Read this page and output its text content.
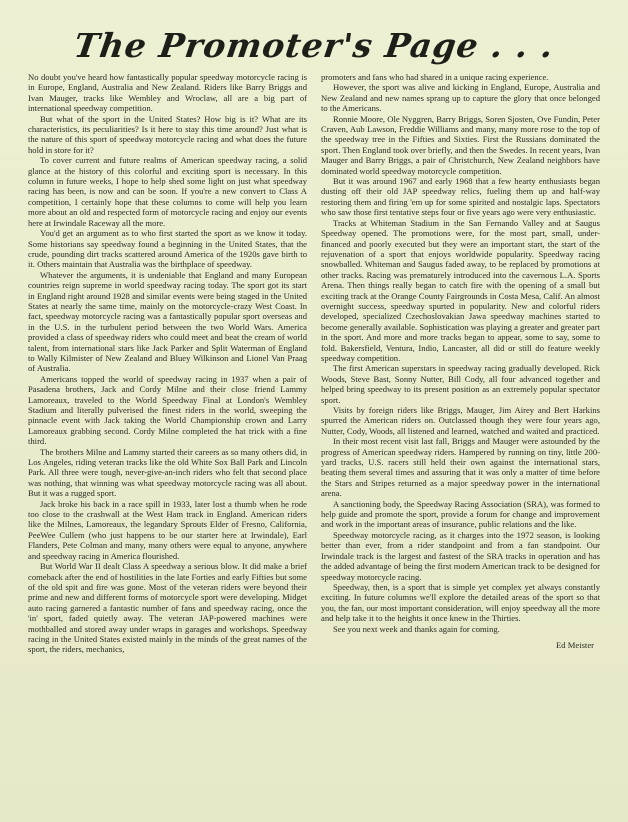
The Promoter's Page . . .

No doubt you've heard how fantastically popular speedway motorcycle racing is in Europe, England, Australia and New Zealand. Riders like Barry Briggs and Ivan Mauger, tracks like Wembley and Wroclaw, all are a big part of international speedway competition.

But what of the sport in the United States? How big is it? What are its characteristics, its peculiarities? Is it here to stay this time around? Just what is the nature of this sport of speedway motorcycle racing and what does the future hold in store for it?

To cover current and future realms of American speedway racing, a solid glance at the history of this colorful and exciting sport is necessary. In this column in future weeks, I hope to help shed some light on just what speedway racing has been, is now and can be soon. If you're a new convert to Class A competition, I certainly hope that these columns to come will help you learn more about an old and respected form of motorcycle racing and enjoy our events here at Irwindale Raceway all the more.

You'd get an argument as to who first started the sport as we know it today. Some historians say speedway found a beginning in the United States, that the crude, pounding dirt tracks scattered around America of the 1920s gave birth to it. Others maintain that Australia was the birthplace of speedway.

Whatever the arguments, it is undeniable that England and many European countries reign supreme in world speedway racing today. The sport got its start in England right around 1928 and similar events were being staged in the United States at nearly the same time, mainly on the motorcycle-crazy West Coast. In fact, speedway motorcycle racing was a fantastically popular sport overseas and in the U.S. in the turbulent period between the two World Wars. America provided a class of speedway riders who could meet and beat the cream of world talent, from international stars like Jack Parker and Split Waterman of England to Wally Kilmister of New Zealand and Bluey Wilkinson and Lionel Van Praag of Australia.

Americans topped the world of speedway racing in 1937 when a pair of Pasadena brothers, Jack and Cordy Milne and their close friend Lammy Lamoreaux, traveled to the World Speedway Final at London's Wembley Stadium and literally pulverised the finest riders in the world, sweeping the pinnacle event with Jack taking the World Championship crown and Larry Lamoreaux grabbing second. Cordy Milne completed the hat trick with a fine third.

The brothers Milne and Lammy started their careers as so many others did, in Los Angeles, riding veteran tracks like the old White Sox Ball Park and Lincoln Park. All three were tough, never-give-an-inch riders who felt that second place was nothing, that winning was what speedway motorcycle racing was all about. But it was a rugged sport.

Jack broke his back in a race spill in 1933, later lost a thumb when he rode too close to the crashwall at the West Ham track in England. American riders like the Milnes, Lamoreaux, the legandary Sprouts Elder of Fresno, California, PeeWee Cullem (who just happens to be our starter here at Irwindale), Earl Flanders, Pete Colman and many, many others were equal to anyone, anywhere and speedway racing in America flourished.

But World War II dealt Class A speedway a serious blow. It did make a brief comeback after the end of hostilities in the late Forties and early Fifties but some of the old spit and fire was gone. Most of the veteran riders were beyond their prime and new and different forms of motorcycle sport were developing. Midget auto racing garnered a fantastic number of fans and speedway racing, once the 'in' sport, faded quietly away. The veteran JAP-powered machines were mothballed and stored away under wraps in garages and workshops. Speedway racing in the United States existed mainly in the minds of the great names of the sport, the riders, mechanics,

promoters and fans who had shared in a unique racing experience.

However, the sport was alive and kicking in England, Europe, Australia and New Zealand and new names sprang up to capture the glory that once belonged to the Americans.

Ronnie Moore, Ole Nyggren, Barry Briggs, Soren Sjosten, Ove Fundin, Peter Craven, Aub Lawson, Freddie Williams and many, many more rose to the top of the speedway tree in the Fifties and Sixties. First the Russians dominated the sport. Then England took over briefly, and then the Swedes. In recent years, Ivan Mauger and Barry Briggs, a pair of Christchurch, New Zealand neighbors have dominated world speedway motorcycle competition.

But it was around 1967 and early 1968 that a few hearty enthusiasts began dusting off their old JAP speedway relics, fueling them up and half-way restoring them and firing 'em up for some spirited and nostalgic laps. Spectators who saw those first tentative steps four or five years ago were very enthusiastic.

Tracks at Whiteman Stadium in the San Fernando Valley and at Saugus Speedway opened. The promotions were, for the most part, small, under-financed and poorly executed but they were an important start, the start of the rejuvenation of a sport that enjoys worldwide popularity. Speedway racing snowballed. Whiteman and Saugus faded away, to be replaced by promotions at other tracks. Racing was prematurely introduced into the cavernous L.A. Sports Arena. Then things really began to catch fire with the opening of a small but exciting track at the Orange County Fairgrounds in Costa Mesa, Calif. An almost overnight success, speedway spurted in popularity. New and colorful riders developed, specialized Czechoslovakian Jawa speedway machines started to become generally available. Sophistication was playing a greater and greater part in the sport. And more and more tracks began to appear, some to say, some to fold. Bakersfield, Ventura, Indio, Lancaster, all did or still do feature weekly speedway competition.

The first American superstars in speedway racing gradually developed. Rick Woods, Steve Bast, Sonny Nutter, Bill Cody, all four advanced together and helped bring speedway to its present position as an extremely popular spectator sport.

Visits by foreign riders like Briggs, Mauger, Jim Airey and Bert Harkins spurred the American riders on. Outclassed though they were four years ago, Nutter, Cody, Woods, all listened and learned, watched and waited and practiced.

In their most recent visit last fall, Briggs and Mauger were astounded by the progress of American speedway riders. Hampered by running on tiny, little 200-yard tracks, U.S. racers still held their own against the international stars, beating them several times and assuring that it was only a matter of time before the Stars and Stripes returned as a major speedway power in the international arena.

A sanctioning body, the Speedway Racing Association (SRA), was formed to help guide and promote the sport, provide a forum for change and improvement and work in the important areas of insurance, public relations and the like.

Speedway motorcycle racing, as it charges into the 1972 season, is looking better than ever, from a rider standpoint and from a fan standpoint. Our Irwindale track is the largest and fastest of the SRA tracks in operation and has the added advantage of being the first modern American track to be designed for speedway motorcycle racing.

Speedway, then, is a sport that is simple yet complex yet always constantly exciting. In future columns we'll explore the detailed areas of the sport so that you, the fan, our most important consideration, will enjoy speedway all the more and help take it to the heights it once knew in the Thirties.

See you next week and thanks again for coming.

Ed Meister
